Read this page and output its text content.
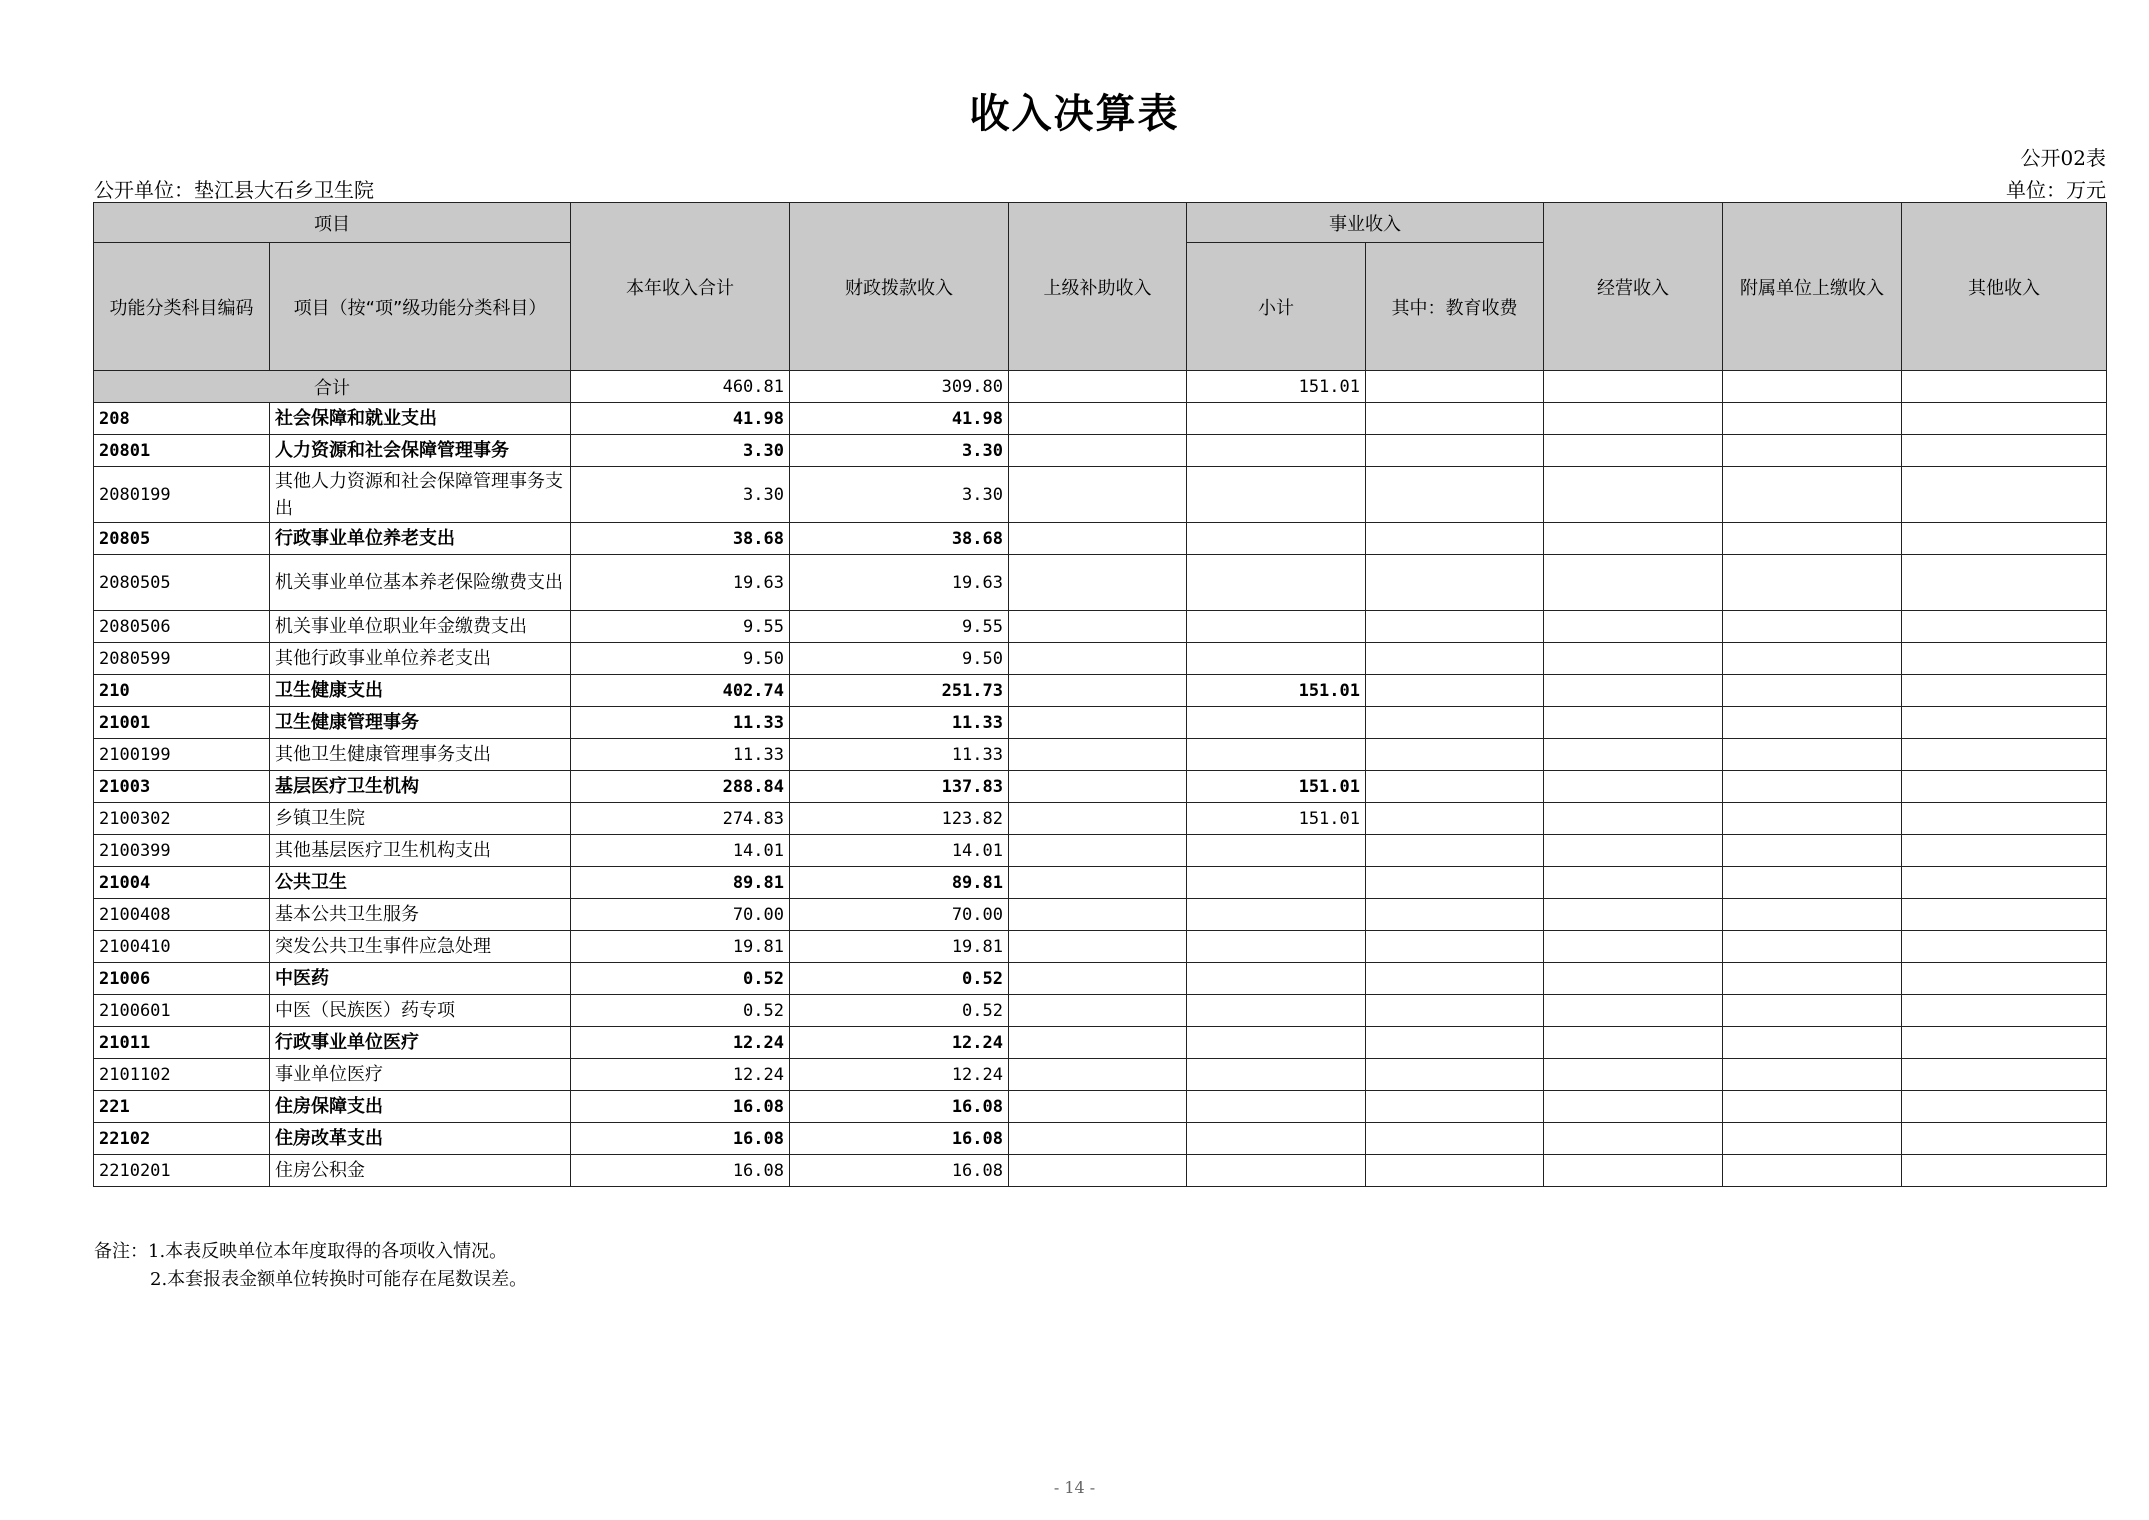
收入决算表
公开02表
公开单位：垫江县大石乡卫生院	单位：万元
项目		本年收入合计	财政拨款收入	上级补助收入	事业收入		经营收入	附属单位上缴收入	其他收入
功能分类科目编码	项目（按“项”级功能分类科目）				小计	其中：教育收费			
合计		460.81	309.80		151.01				
208	社会保障和就业支出	41.98	41.98						
20801	人力资源和社会保障管理事务	3.30	3.30						
2080199	其他人力资源和社会保障管理事务支出	3.30	3.30						
20805	行政事业单位养老支出	38.68	38.68						
2080505	机关事业单位基本养老保险缴费支出	19.63	19.63						
2080506	机关事业单位职业年金缴费支出	9.55	9.55						
2080599	其他行政事业单位养老支出	9.50	9.50						
210	卫生健康支出	402.74	251.73		151.01				
21001	卫生健康管理事务	11.33	11.33						
2100199	其他卫生健康管理事务支出	11.33	11.33						
21003	基层医疗卫生机构	288.84	137.83		151.01				
2100302	乡镇卫生院	274.83	123.82		151.01				
2100399	其他基层医疗卫生机构支出	14.01	14.01						
21004	公共卫生	89.81	89.81						
2100408	基本公共卫生服务	70.00	70.00						
2100410	突发公共卫生事件应急处理	19.81	19.81						
21006	中医药	0.52	0.52						
2100601	中医（民族医）药专项	0.52	0.52						
21011	行政事业单位医疗	12.24	12.24						
2101102	事业单位医疗	12.24	12.24						
221	住房保障支出	16.08	16.08						
22102	住房改革支出	16.08	16.08						
2210201	住房公积金	16.08	16.08						
备注：1.本表反映单位本年度取得的各项收入情况。
2.本套报表金额单位转换时可能存在尾数误差。
- 14 -
